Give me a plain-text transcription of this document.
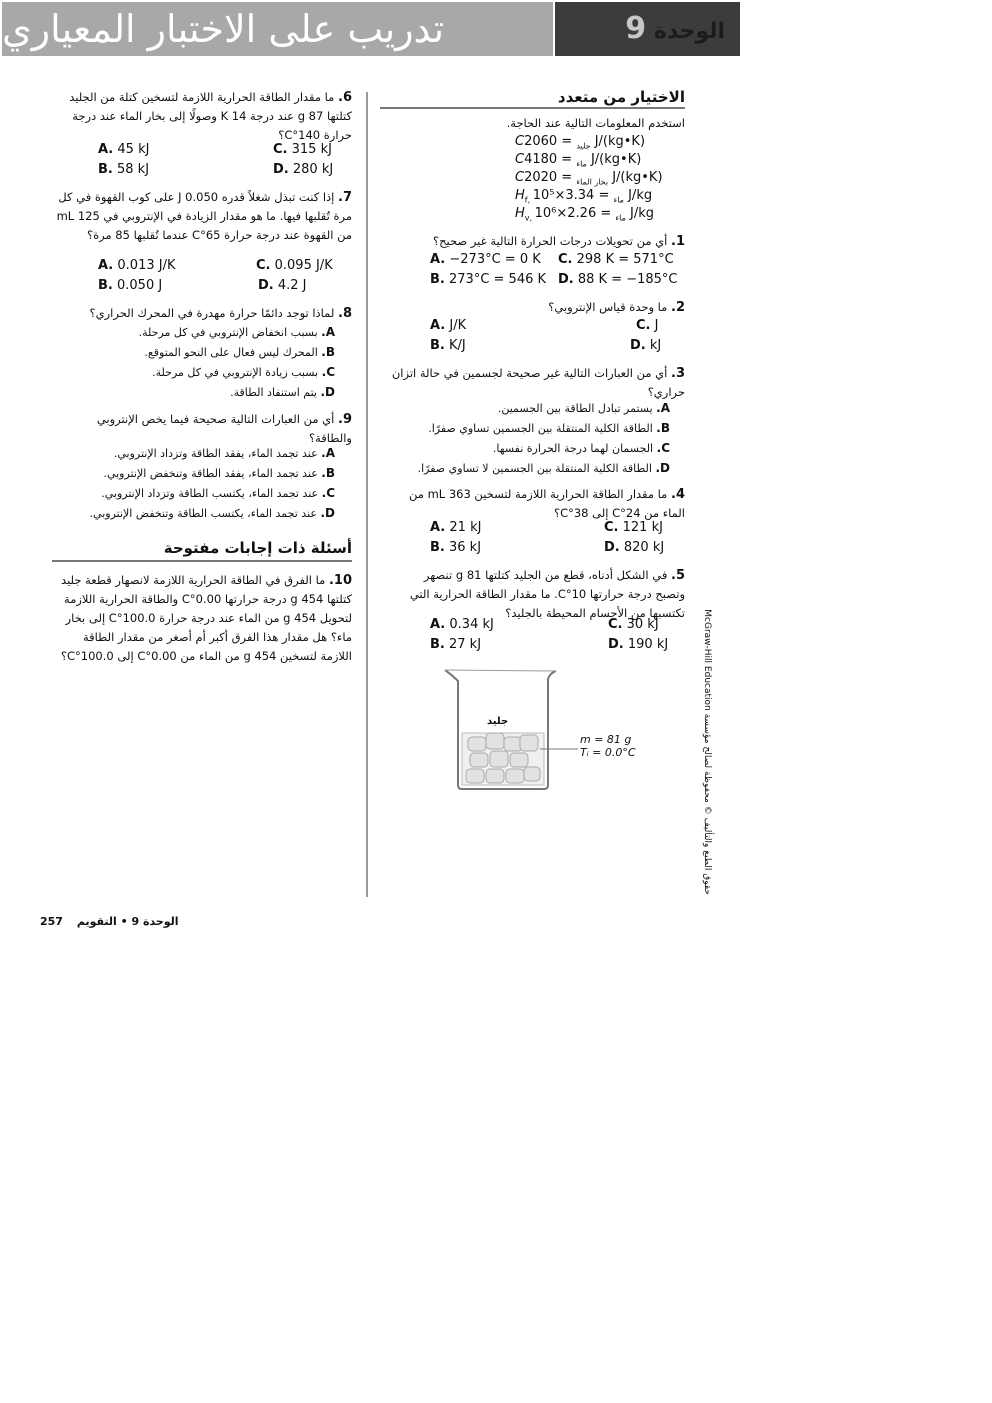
تدريب على الاختبار المعياري	الوحدة 9
الاختيار من متعدد
استخدم المعلومات التالية عند الحاجة.
C	$_{جليد}$ = 2060 J/(kg•K)
C	$_{ماء}$ = 4180 J/(kg•K)
C	$_{بخار الماء}$ = 2020 J/(kg•K)
$H_{f, ماء} = 3.34\times 10^5$ J/kg
$H_{v, ماء} = 2.26\times 10^6$ J/kg
1. أي من تحويلات درجات الحرارة التالية غير صحيح؟
A. −273°C = 0 K C. 298 K = 571°C
B. 273°C = 546 K D. 88 K = −185°C
2. ما وحدة قياس الإنتروبي؟
A. J/K	C. J
B. K/J	D. kJ
3. أي من العبارات التالية غير صحيحة لجسمين في حالة اتزان حراري؟
A. يستمر تبادل الطاقة بين الجسمين.
B. الطاقة الكلية المنتقلة بين الجسمين تساوي صفرًا.
C. الجسمان لهما درجة الحرارة نفسها.
D. الطاقة الكلية المنتقلة بين الجسمين لا تساوي صفرًا.
4. ما مقدار الطاقة الحرارية اللازمة لتسخين 363 mL من الماء من 24°C إلى 38°C؟
A. 21 kJ	C. 121 kJ
B. 36 kJ	D. 820 kJ
5. في الشكل أدناه، قطع من الجليد كتلتها 81 g تنصهر وتصبح درجة حرارتها 10°C. ما مقدار الطاقة الحرارية التي تكتسبها من الأجسام المحيطة بالجليد؟
A. 0.34 kJ	C. 30 kJ
B. 27 kJ	D. 190 kJ
جليد
m = 81 g
Tᵢ = 0.0°C
6. ما مقدار الطاقة الحرارية اللازمة لتسخين كتلة من الجليد كتلتها 87 g عند درجة 14 K وصولًا إلى بخار الماء عند درجة حرارة 140°C؟
A. 45 kJ	C. 315 kJ
B. 58 kJ	D. 280 kJ
7. إذا كنت تبذل شغلاً قدره 0.050 J على كوب القهوة في كل مرة تُقلبها فيها. ما هو مقدار الزيادة في الإنتروبي في 125 mL من القهوة عند درجة حرارة 65°C عندما تُقلبها 85 مرة؟
A. 0.013 J/K	C. 0.095 J/K
B. 0.050 J	D. 4.2 J
8. لماذا توجد دائمًا حرارة مهدرة في المحرك الحراري؟
A. بسبب انخفاض الإنتروبي في كل مرحلة.
B. المحرك ليس فعال على النحو المتوقع.
C. بسبب زيادة الإنتروبي في كل مرحلة.
D. يتم استنفاد الطاقة.
9. أي من العبارات التالية صحيحة فيما يخص الإنتروبي والطاقة؟
A. عند تجمد الماء، يفقد الطاقة وتزداد الإنتروبي.
B. عند تجمد الماء، يفقد الطاقة وتنخفض الإنتروبي.
C. عند تجمد الماء، يكتسب الطاقة وتزداد الإنتروبي.
D. عند تجمد الماء، يكتسب الطاقة وتنخفض الإنتروبي.
أسئلة ذات إجابات مفتوحة
10. ما الفرق في الطاقة الحرارية اللازمة لانصهار قطعة جليد كتلتها 454 g درجة حرارتها 0.00°C والطاقة الحرارية اللازمة لتحويل 454 g من الماء عند درجة حرارة 100.0°C إلى بخار ماء؟ هل مقدار هذا الفرق أكبر أم أصغر من مقدار الطاقة اللازمة لتسخين 454 g من الماء من 0.00°C إلى 100.0°C؟	حقوق الطبع والتأليف © محفوظة لصالح مؤسسة McGraw-Hill Education
الوحدة 9 • التقويم 257
